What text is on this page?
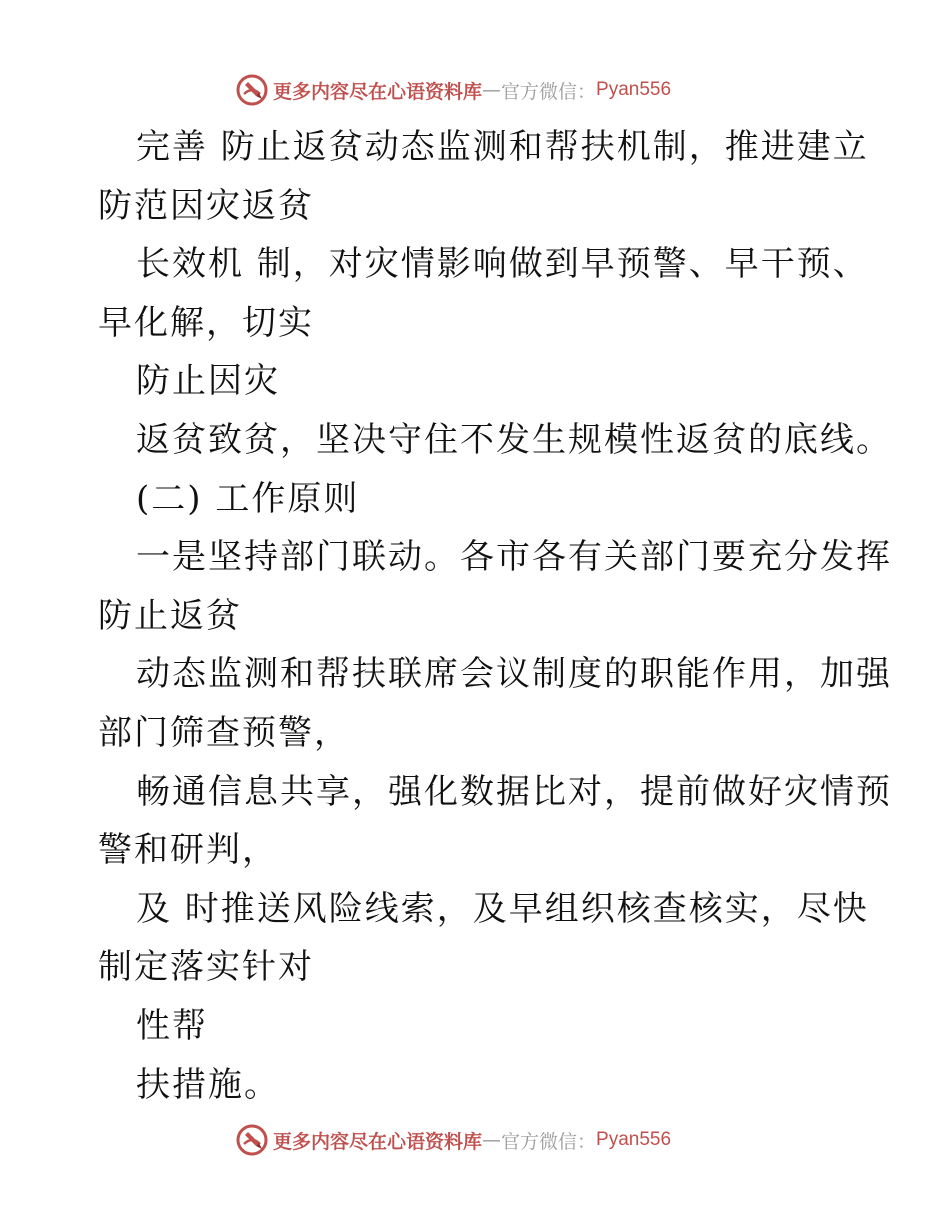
更多内容尽在心语资料库 — 官方微信： Pyan556
完善 防止返贫动态监测和帮扶机制，推进建立
防范因灾返贫
长效机 制，对灾情影响做到早预警、早干预、
早化解，切实
防止因灾
返贫致贫，坚决守住不发生规模性返贫的底线。
(二) 工作原则
一是坚持部门联动。各市各有关部门要充分发挥
防止返贫
动态监测和帮扶联席会议制度的职能作用，加强
部门筛查预警，
畅通信息共享，强化数据比对，提前做好灾情预
警和研判，
及 时推送风险线索，及早组织核查核实，尽快
制定落实针对
性帮
扶措施。
更多内容尽在心语资料库 — 官方微信： Pyan556
